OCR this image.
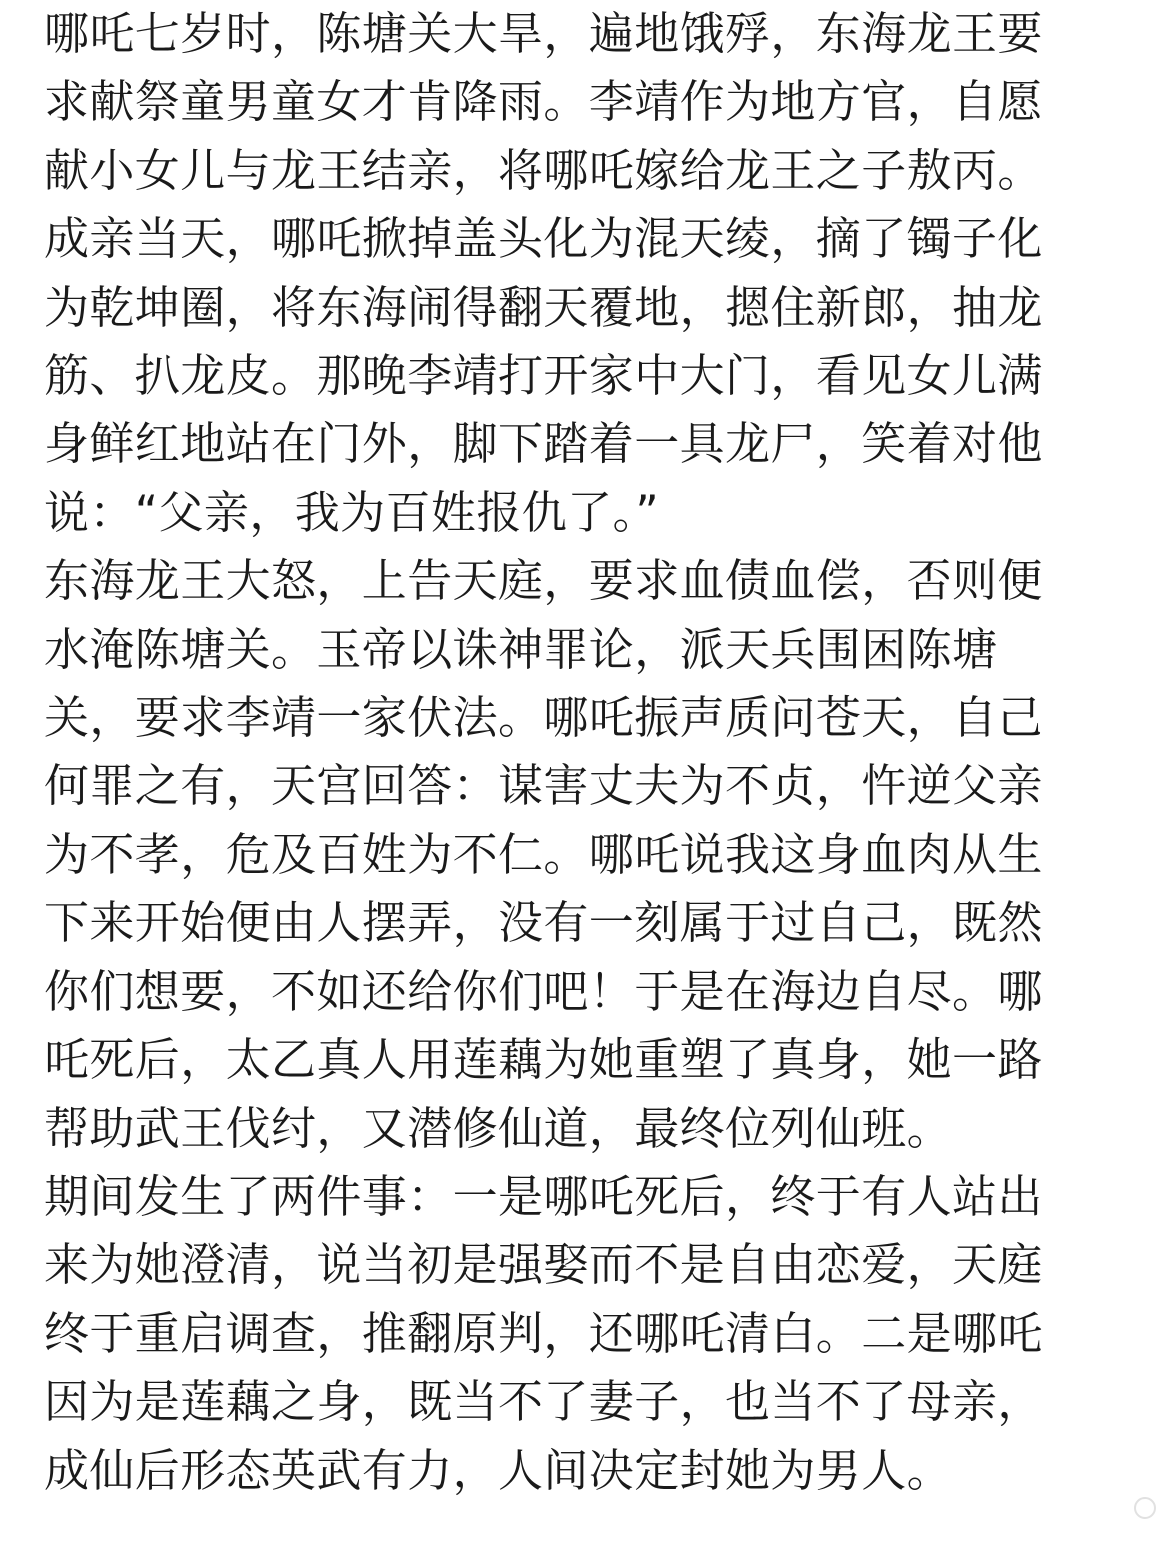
哪吒七岁时，陈塘关大旱，遍地饿殍，东海龙王要
求献祭童男童女才肯降雨。李靖作为地方官，自愿
献小女儿与龙王结亲，将哪吒嫁给龙王之子敖丙。
成亲当天，哪吒掀掉盖头化为混天绫，摘了镯子化
为乾坤圈，将东海闹得翻天覆地，摁住新郎，抽龙
筋、扒龙皮。那晚李靖打开家中大门，看见女儿满
身鲜红地站在门外，脚下踏着一具龙尸，笑着对他
说：“父亲，我为百姓报仇了。”

东海龙王大怒，上告天庭，要求血债血偿，否则便
水淹陈塘关。玉帝以诛神罪论，派天兵围困陈塘
关，要求李靖一家伏法。哪吒振声质问苍天，自己
何罪之有，天宫回答：谋害丈夫为不贞，忤逆父亲
为不孝，危及百姓为不仁。哪吒说我这身血肉从生
下来开始便由人摆弄，没有一刻属于过自己，既然
你们想要，不如还给你们吧！于是在海边自尽。哪
吒死后，太乙真人用莲藕为她重塑了真身，她一路
帮助武王伐纣，又潜修仙道，最终位列仙班。

期间发生了两件事：一是哪吒死后，终于有人站出
来为她澄清，说当初是强娶而不是自由恋爱，天庭
终于重启调查，推翻原判，还哪吒清白。二是哪吒
因为是莲藕之身，既当不了妻子，也当不了母亲，
成仙后形态英武有力，人间决定封她为男人。
